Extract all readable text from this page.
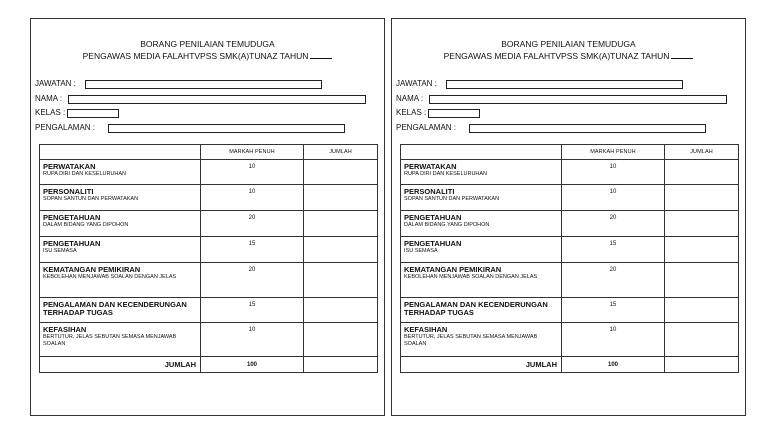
BORANG PENILAIAN TEMUDUGA
PENGAWAS MEDIA FALAHTVPSS SMK(A)TUNAZ TAHUN
JAWATAN :
NAMA :
KELAS :
PENGALAMAN :
	MARKAH PENUH	JUMLAH

PERWATAKAN
RUPA DIRI DAN KESELURUHAN	10	

PERSONALITI
SOPAN SANTUN DAN PERWATAKAN	10	

PENGETAHUAN
DALAM BIDANG YANG DIPOHON	20	

PENGETAHUAN
ISU SEMASA	15	

KEMATANGAN PEMIKIRAN
KEBOLEHAN MENJAWAB SOALAN DENGAN JELAS	20	

PENGALAMAN DAN KECENDERUNGAN TERHADAP TUGAS	15	

KEFASIHAN
BERTUTUR, JELAS SEBUTAN SEMASA MENJAWAB SOALAN	10	
JUMLAH	100	
BORANG PENILAIAN TEMUDUGA
PENGAWAS MEDIA FALAHTVPSS SMK(A)TUNAZ TAHUN
JAWATAN :
NAMA :
KELAS :
PENGALAMAN :
	MARKAH PENUH	JUMLAH

PERWATAKAN
RUPA DIRI DAN KESELURUHAN	10	

PERSONALITI
SOPAN SANTUN DAN PERWATAKAN	10	

PENGETAHUAN
DALAM BIDANG YANG DIPOHON	20	

PENGETAHUAN
ISU SEMASA	15	

KEMATANGAN PEMIKIRAN
KEBOLEHAN MENJAWAB SOALAN DENGAN JELAS	20	

PENGALAMAN DAN KECENDERUNGAN TERHADAP TUGAS	15	

KEFASIHAN
BERTUTUR, JELAS SEBUTAN SEMASA MENJAWAB SOALAN	10	
JUMLAH	100	
